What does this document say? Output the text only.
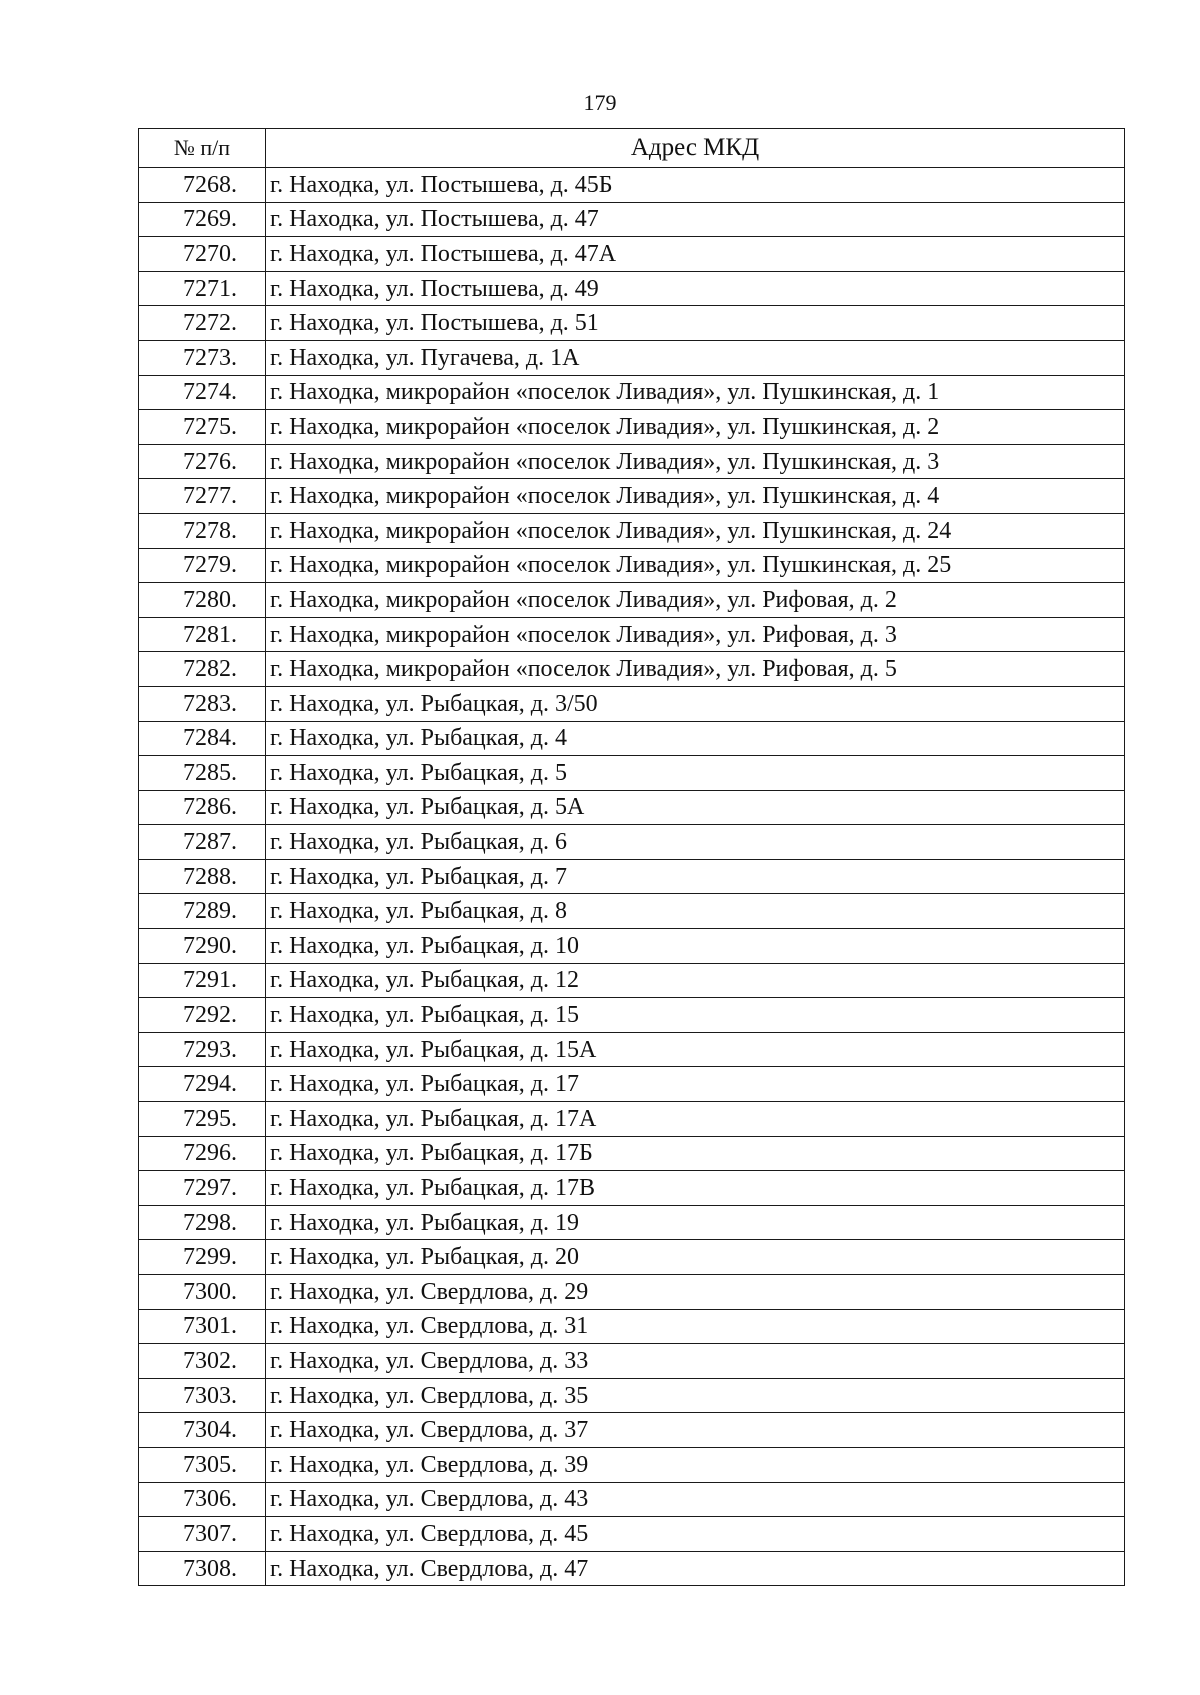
179
№ п/п	Адрес МКД
7268.	г. Находка, ул. Постышева, д. 45Б
7269.	г. Находка, ул. Постышева, д. 47
7270.	г. Находка, ул. Постышева, д. 47А
7271.	г. Находка, ул. Постышева, д. 49
7272.	г. Находка, ул. Постышева, д. 51
7273.	г. Находка, ул. Пугачева, д. 1А
7274.	г. Находка, микрорайон «поселок Ливадия», ул. Пушкинская, д. 1
7275.	г. Находка, микрорайон «поселок Ливадия», ул. Пушкинская, д. 2
7276.	г. Находка, микрорайон «поселок Ливадия», ул. Пушкинская, д. 3
7277.	г. Находка, микрорайон «поселок Ливадия», ул. Пушкинская, д. 4
7278.	г. Находка, микрорайон «поселок Ливадия», ул. Пушкинская, д. 24
7279.	г. Находка, микрорайон «поселок Ливадия», ул. Пушкинская, д. 25
7280.	г. Находка, микрорайон «поселок Ливадия», ул. Рифовая, д. 2
7281.	г. Находка, микрорайон «поселок Ливадия», ул. Рифовая, д. 3
7282.	г. Находка, микрорайон «поселок Ливадия», ул. Рифовая, д. 5
7283.	г. Находка, ул. Рыбацкая, д. 3/50
7284.	г. Находка, ул. Рыбацкая, д. 4
7285.	г. Находка, ул. Рыбацкая, д. 5
7286.	г. Находка, ул. Рыбацкая, д. 5А
7287.	г. Находка, ул. Рыбацкая, д. 6
7288.	г. Находка, ул. Рыбацкая, д. 7
7289.	г. Находка, ул. Рыбацкая, д. 8
7290.	г. Находка, ул. Рыбацкая, д. 10
7291.	г. Находка, ул. Рыбацкая, д. 12
7292.	г. Находка, ул. Рыбацкая, д. 15
7293.	г. Находка, ул. Рыбацкая, д. 15А
7294.	г. Находка, ул. Рыбацкая, д. 17
7295.	г. Находка, ул. Рыбацкая, д. 17А
7296.	г. Находка, ул. Рыбацкая, д. 17Б
7297.	г. Находка, ул. Рыбацкая, д. 17В
7298.	г. Находка, ул. Рыбацкая, д. 19
7299.	г. Находка, ул. Рыбацкая, д. 20
7300.	г. Находка, ул. Свердлова, д. 29
7301.	г. Находка, ул. Свердлова, д. 31
7302.	г. Находка, ул. Свердлова, д. 33
7303.	г. Находка, ул. Свердлова, д. 35
7304.	г. Находка, ул. Свердлова, д. 37
7305.	г. Находка, ул. Свердлова, д. 39
7306.	г. Находка, ул. Свердлова, д. 43
7307.	г. Находка, ул. Свердлова, д. 45
7308.	г. Находка, ул. Свердлова, д. 47
